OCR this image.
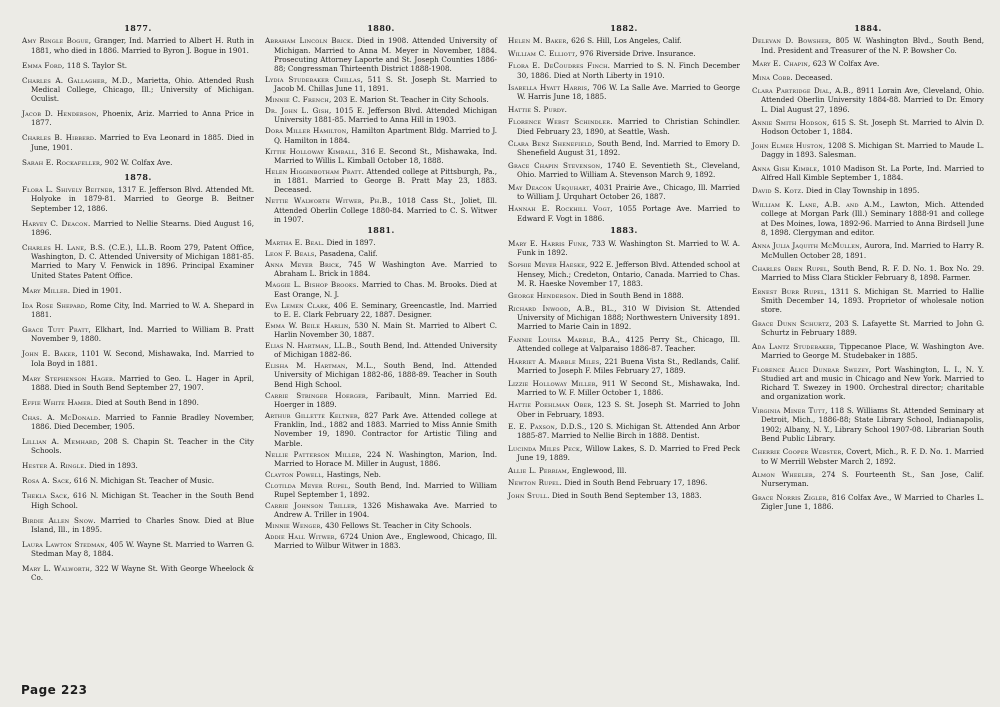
1877.
Amy Ringle Bogue, Granger, Ind. Married to Albert H. Ruth in 1881, who died in 1886. Married to Byron J. Bogue in 1901.
Emma Ford, 118 S. Taylor St.
Charles A. Gallagher, M.D., Marietta, Ohio. Attended Rush Medical College, Chicago, Ill.; University of Michigan. Oculist.
Jacob D. Henderson, Phoenix, Ariz. Married to Anna Price in 1877.
Charles B. Hibberd. Married to Eva Leonard in 1885. Died in June, 1901.
Sarah E. Rockafeller, 902 W. Colfax Ave.
1878.
Flora L. Shively Beitner, 1317 E. Jefferson Blvd. Attended Mt. Holyoke in 1879-81. Married to George B. Beitner September 12, 1886.
Harvey C. Deacon. Married to Nellie Stearns. Died August 16, 1896.
Charles H. Lane, B.S. (C.E.), LL.B. Room 279, Patent Office, Washington, D. C. Attended University of Michigan 1881-85. Married to Mary V. Fenwick in 1896. Principal Examiner United States Patent Office.
Mary Miller. Died in 1901.
Ida Rose Shepard, Rome City, Ind. Married to W. A. Shepard in 1881.
Grace Tutt Pratt, Elkhart, Ind. Married to William B. Pratt November 9, 1880.
John E. Baker, 1101 W. Second, Mishawaka, Ind. Married to Iola Boyd in 1881.
Mary Stephenson Hager. Married to Geo. L. Hager in April, 1888. Died in South Bend September 27, 1907.
Effie White Hamer. Died at South Bend in 1890.
Chas. A. McDonald. Married to Fannie Bradley November, 1886. Died December, 1905.
Lillian A. Memhard, 208 S. Chapin St. Teacher in the City Schools.
Hester A. Ringle. Died in 1893.
Rosa A. Sack, 616 N. Michigan St. Teacher of Music.
Thekla Sack, 616 N. Michigan St. Teacher in the South Bend High School.
Birdie Allen Snow. Married to Charles Snow. Died at Blue Island, Ill., in 1895.
Laura Lawton Stedman, 405 W. Wayne St. Married to Warren G. Stedman May 8, 1884.
Mary L. Walworth, 322 W Wayne St. With George Wheelock & Co.
1880.
Abraham Lincoln Brick. Died in 1908. Attended University of Michigan. Married to Anna M. Meyer in November, 1884. Prosecuting Attorney Laporte and St. Joseph Counties 1886-88; Congressman Thirteenth District 1888-1908.
Lydia Studebaker Chillas, 511 S. St. Joseph St. Married to Jacob M. Chillas June 11, 1891.
Minnie C. French, 203 E. Marion St. Teacher in City Schools.
Dr. John L. Gish, 1015 E. Jefferson Blvd. Attended Michigan University 1881-85. Married to Anna Hill in 1903.
Dora Miller Hamilton, Hamilton Apartment Bldg. Married to J. Q. Hamilton in 1884.
Kittie Holloway Kimball, 316 E. Second St., Mishawaka, Ind. Married to Willis L. Kimball October 18, 1888.
Helen Higginbotham Pratt. Attended college at Pittsburgh, Pa., in 1881. Married to George B. Pratt May 23, 1883. Deceased.
Nettie Walworth Witwer, Ph.B., 1018 Cass St., Joliet, Ill. Attended Oberlin College 1880-84. Married to C. S. Witwer in 1907.
1881.
Martha E. Beal. Died in 1897.
Leon F. Beals, Pasadena, Calif.
Anna Meyer Brick, 745 W Washington Ave. Married to Abraham L. Brick in 1884.
Maggie L. Bishop Brooks. Married to Chas. M. Brooks. Died at East Orange, N. J.
Eva Lemen Clark, 406 E. Seminary, Greencastle, Ind. Married to E. E. Clark February 22, 1887. Designer.
Emma W. Beile Harlin, 530 N. Main St. Married to Albert C. Harlin November 30, 1887.
Elias N. Hartman, LL.B., South Bend, Ind. Attended University of Michigan 1882-86.
Elisha M. Hartman, M.L., South Bend, Ind. Attended University of Michigan 1882-86, 1888-89. Teacher in South Bend High School.
Carrie Stringer Hoerger, Faribault, Minn. Married Ed. Hoerger in 1889.
Arthur Gillette Keltner, 827 Park Ave. Attended college at Franklin, Ind., 1882 and 1883. Married to Miss Annie Smith November 19, 1890. Contractor for Artistic Tiling and Marble.
Nellie Patterson Miller, 224 N. Washington, Marion, Ind. Married to Horace M. Miller in August, 1886.
Clayton Powell, Hastings, Neb.
Clotilda Meyer Rupel, South Bend, Ind. Married to William Rupel September 1, 1892.
Carrie Johnson Triller, 1326 Mishawaka Ave. Married to Andrew A. Triller in 1904.
Minnie Wenger, 430 Fellows St. Teacher in City Schools.
Addie Hall Witwer, 6724 Union Ave., Englewood, Chicago, Ill. Married to Wilbur Witwer in 1883.
1882.
Helen M. Baker, 626 S. Hill, Los Angeles, Calif.
William C. Elliott, 976 Riverside Drive. Insurance.
Flora E. DeCoudres Finch. Married to S. N. Finch December 30, 1886. Died at North Liberty in 1910.
Isabella Hyatt Harris, 706 W. La Salle Ave. Married to George W. Harris June 18, 1885.
Hattie S. Purdy.
Florence Webst Schindler. Married to Christian Schindler. Died February 23, 1890, at Seattle, Wash.
Clara Benz Shenefield, South Bend, Ind. Married to Emory D. Shenefield August 31, 1892.
Grace Chapin Stevenson, 1740 E. Seventieth St., Cleveland, Ohio. Married to William A. Stevenson March 9, 1892.
May Deacon Urquhart, 4031 Prairie Ave., Chicago, Ill. Married to William J. Urquhart October 26, 1887.
Hannah E. Rockhill Vogt, 1055 Portage Ave. Married to Edward F. Vogt in 1886.
1883.
Mary E. Harris Funk, 733 W. Washington St. Married to W. A. Funk in 1892.
Sophie Meyer Haeske, 922 E. Jefferson Blvd. Attended school at Hensey, Mich.; Credeton, Ontario, Canada. Married to Chas. M. R. Haeske November 17, 1883.
George Henderson. Died in South Bend in 1888.
Richard Inwood, A.B., BL., 310 W Division St. Attended University of Michigan 1888; Northwestern University 1891. Married to Marie Cain in 1892.
Fannie Louisa Marble, B.A., 4125 Perry St., Chicago, Ill. Attended college at Valparaiso 1886-87. Teacher.
Harriet A. Marble Miles, 221 Buena Vista St., Redlands, Calif. Married to Joseph F. Miles February 27, 1889.
Lizzie Holloway Miller, 911 W Second St., Mishawaka, Ind. Married to W. F. Miller October 1, 1886.
Hattie Poehlman Ober, 123 S. St. Joseph St. Married to John Ober in February, 1893.
E. E. Paxson, D.D.S., 120 S. Michigan St. Attended Ann Arbor 1885-87. Married to Nellie Birch in 1888. Dentist.
Lucinda Miles Peck, Willow Lakes, S. D. Married to Fred Peck June 19, 1889.
Allie L. Perriam, Englewood, Ill.
Newton Rupel. Died in South Bend February 17, 1896.
John Stull. Died in South Bend September 13, 1883.
1884.
Delevan D. Bowsher, 805 W. Washington Blvd., South Bend, Ind. President and Treasurer of the N. P. Bowsher Co.
Mary E. Chapin, 623 W Colfax Ave.
Mina Cobb. Deceased.
Clara Partridge Dial, A.B., 8911 Lorain Ave, Cleveland, Ohio. Attended Oberlin University 1884-88. Married to Dr. Emory L. Dial August 27, 1896.
Annie Smith Hodson, 615 S. St. Joseph St. Married to Alvin D. Hodson October 1, 1884.
John Elmer Huston, 1208 S. Michigan St. Married to Maude L. Daggy in 1893. Salesman.
Anna Gish Kimble, 1010 Madison St. La Porte, Ind. Married to Alfred Hall Kimble September 1, 1884.
David S. Kotz. Died in Clay Township in 1895.
William K. Lane, A.B. and A.M., Lawton, Mich. Attended college at Morgan Park (Ill.) Seminary 1888-91 and college at Des Moines, Iowa, 1892-96. Married to Anna Birdsell June 8, 1898. Clergyman and editor.
Anna Julia Jaquith McMullen, Aurora, Ind. Married to Harry R. McMullen October 28, 1891.
Charles Oren Rupel, South Bend, R. F. D. No. 1. Box No. 29. Married to Miss Clara Stickler February 8, 1898. Farmer.
Ernest Burr Rupel, 1311 S. Michigan St. Married to Hallie Smith December 14, 1893. Proprietor of wholesale notion store.
Grace Dunn Schurtz, 203 S. Lafayette St. Married to John G. Schurtz in February 1889.
Ada Lantz Studebaker, Tippecanoe Place, W. Washington Ave. Married to George M. Studebaker in 1885.
Florence Alice Dunbar Swezey, Port Washington, L. I., N. Y. Studied art and music in Chicago and New York. Married to Richard T. Swezey in 1900. Orchestral director; charitable and organization work.
Virginia Miner Tutt, 118 S. Williams St. Attended Seminary at Detroit, Mich., 1886-88; State Library School, Indianapolis, 1902; Albany, N. Y., Library School 1907-08. Librarian South Bend Public Library.
Cherrie Cooper Webster, Covert, Mich., R. F. D. No. 1. Married to W Merrill Webster March 2, 1892.
Almon Wheeler, 274 S. Fourteenth St., San Jose, Calif. Nurseryman.
Grace Norris Zigler, 816 Colfax Ave., W Married to Charles L. Zigler June 1, 1886.
Page 223
